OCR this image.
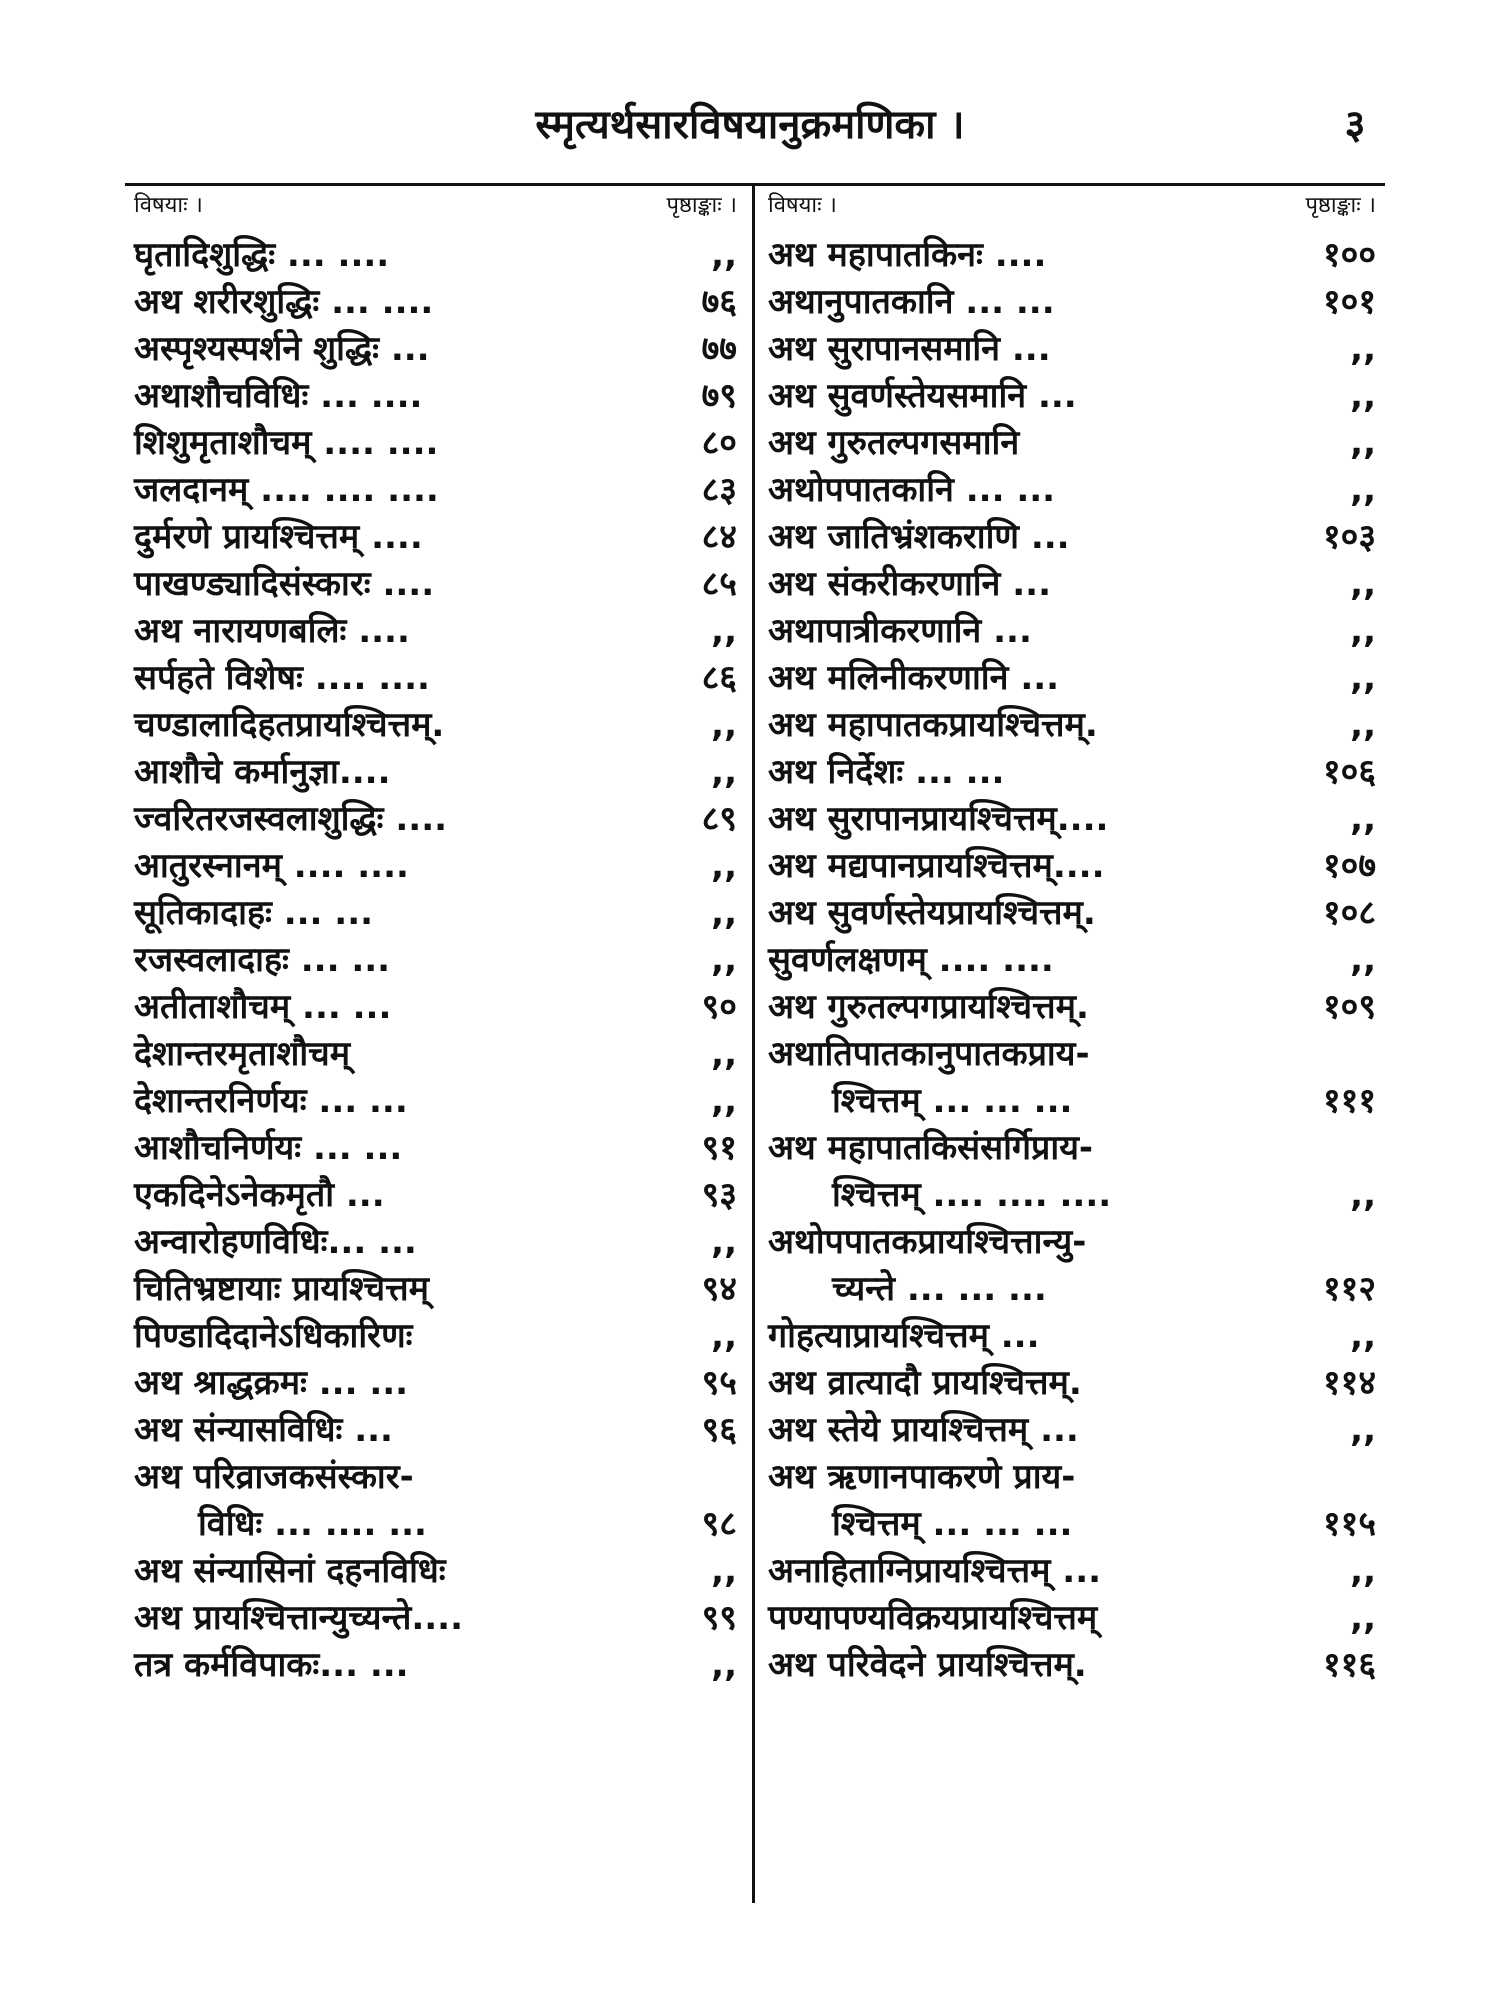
स्मृत्यर्थसारविषयानुक्रमणिका ।	३
विषयाः ।	पृष्ठाङ्काः ।
घृतादिशुद्धिः ... ....	,,
अथ शरीरशुद्धिः ... ....	७६
अस्पृश्यस्पर्शने शुद्धिः ...	७७
अथाशौचविधिः ... ....	७९
शिशुमृताशौचम् .... ....	८०
जलदानम् .... .... ....	८३
दुर्मरणे प्रायश्चित्तम् ....	८४
पाखण्ड्यादिसंस्कारः ....	८५
अथ नारायणबलिः ....	,,
सर्पहते विशेषः .... ....	८६
चण्डालादिहतप्रायश्चित्तम्.	,,
आशौचे कर्मानुज्ञा....	,,
ज्वरितरजस्वलाशुद्धिः ....	८९
आतुरस्नानम् .... ....	,,
सूतिकादाहः ... ...	,,
रजस्वलादाहः ... ...	,,
अतीताशौचम् ... ...	९०
देशान्तरमृताशौचम्	,,
देशान्तरनिर्णयः ... ...	,,
आशौचनिर्णयः ... ...	९१
एकदिनेऽनेकमृतौ ...	९३
अन्वारोहणविधिः... ...	,,
चितिभ्रष्टायाः प्रायश्चित्तम्	९४
पिण्डादिदानेऽधिकारिणः	,,
अथ श्राद्धक्रमः ... ...	९५
अथ संन्यासविधिः ...	९६
अथ परिव्राजकसंस्कार-
विधिः ... .... ...	९८
अथ संन्यासिनां दहनविधिः	,,
अथ प्रायश्चित्तान्युच्यन्ते....	९९
तत्र कर्मविपाकः... ...	,,
विषयाः ।	पृष्ठाङ्काः ।
अथ महापातकिनः ....	१००
अथानुपातकानि ... ...	१०१
अथ सुरापानसमानि ...	,,
अथ सुवर्णस्तेयसमानि ...	,,
अथ गुरुतल्पगसमानि	,,
अथोपपातकानि ... ...	,,
अथ जातिभ्रंशकराणि ...	१०३
अथ संकरीकरणानि ...	,,
अथापात्रीकरणानि ...	,,
अथ मलिनीकरणानि ...	,,
अथ महापातकप्रायश्चित्तम्.	,,
अथ निर्देशः ... ...	१०६
अथ सुरापानप्रायश्चित्तम्....	,,
अथ मद्यपानप्रायश्चित्तम्....	१०७
अथ सुवर्णस्तेयप्रायश्चित्तम्.	१०८
सुवर्णलक्षणम् .... ....	,,
अथ गुरुतल्पगप्रायश्चित्तम्.	१०९
अथातिपातकानुपातकप्राय-
श्चित्तम् ... ... ...	१११
अथ महापातकिसंसर्गिप्राय-
श्चित्तम् .... .... ....	,,
अथोपपातकप्रायश्चित्तान्यु-
च्यन्ते ... ... ...	११२
गोहत्याप्रायश्चित्तम् ...	,,
अथ व्रात्यादौ प्रायश्चित्तम्.	११४
अथ स्तेये प्रायश्चित्तम् ...	,,
अथ ऋणानपाकरणे प्राय-
श्चित्तम् ... ... ...	११५
अनाहिताग्निप्रायश्चित्तम् ...	,,
पण्यापण्यविक्रयप्रायश्चित्तम्	,,
अथ परिवेदने प्रायश्चित्तम्.	११६
